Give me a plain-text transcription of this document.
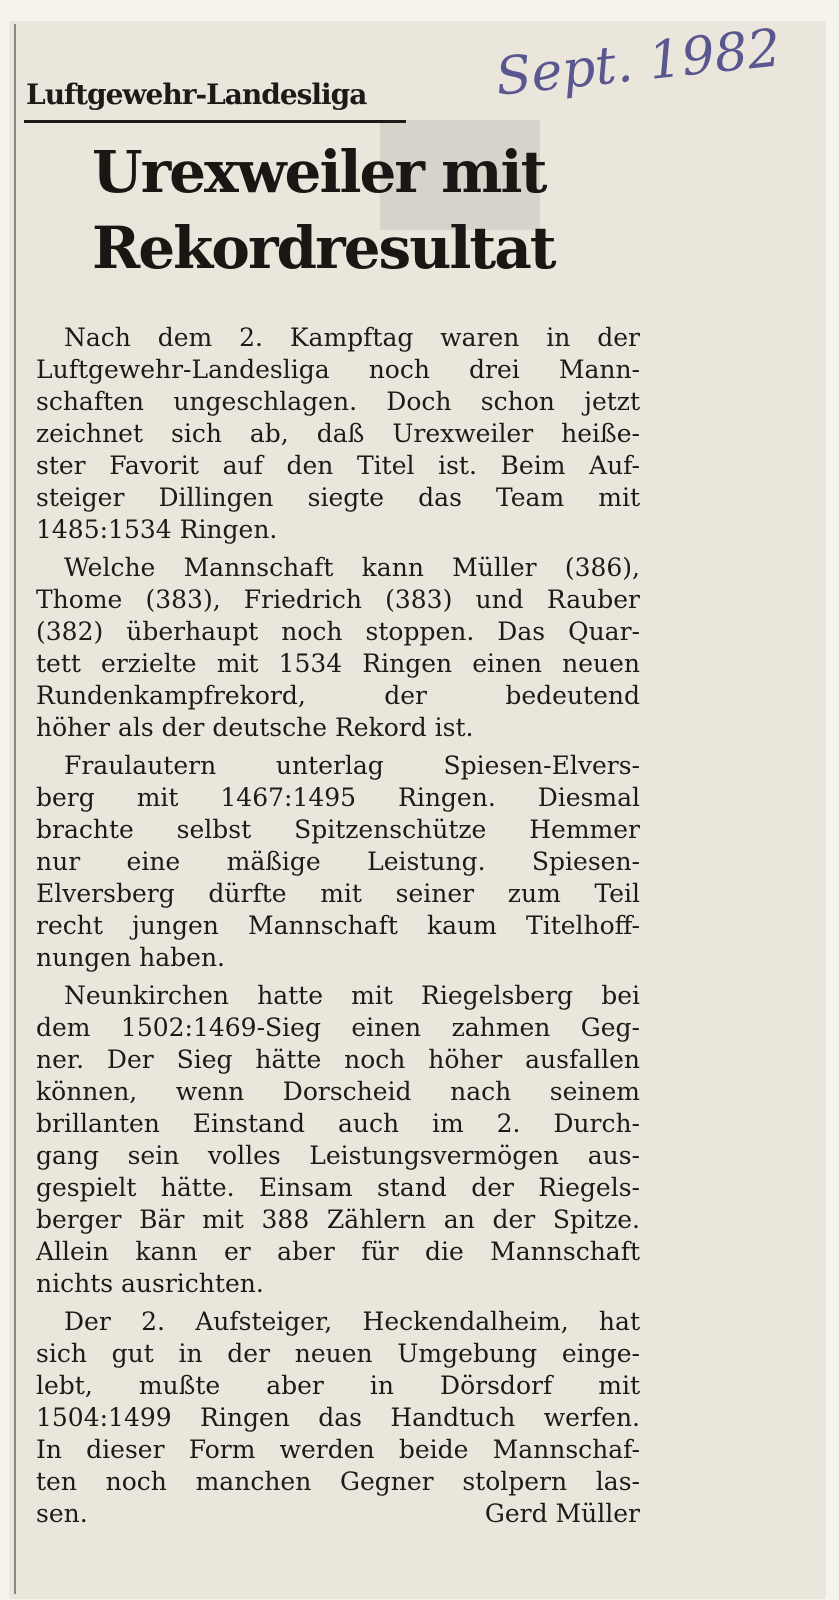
Luftgewehr-Landesliga Sept. 1982
Urexweiler mit
Rekordresultat
Nach dem 2. Kampftag waren in der
Luftgewehr-Landesliga noch drei Mann-
schaften ungeschlagen. Doch schon jetzt
zeichnet sich ab, daß Urexweiler heiße-
ster Favorit auf den Titel ist. Beim Auf-
steiger Dillingen siegte das Team mit
1485:1534 Ringen.
Welche Mannschaft kann Müller (386),
Thome (383), Friedrich (383) und Rauber
(382) überhaupt noch stoppen. Das Quar-
tett erzielte mit 1534 Ringen einen neuen
Rundenkampfrekord, der bedeutend
höher als der deutsche Rekord ist.
Fraulautern unterlag Spiesen-Elvers-
berg mit 1467:1495 Ringen. Diesmal
brachte selbst Spitzenschütze Hemmer
nur eine mäßige Leistung. Spiesen-
Elversberg dürfte mit seiner zum Teil
recht jungen Mannschaft kaum Titelhoff-
nungen haben.
Neunkirchen hatte mit Riegelsberg bei
dem 1502:1469-Sieg einen zahmen Geg-
ner. Der Sieg hätte noch höher ausfallen
können, wenn Dorscheid nach seinem
brillanten Einstand auch im 2. Durch-
gang sein volles Leistungsvermögen aus-
gespielt hätte. Einsam stand der Riegels-
berger Bär mit 388 Zählern an der Spitze.
Allein kann er aber für die Mannschaft
nichts ausrichten.
Der 2. Aufsteiger, Heckendalheim, hat
sich gut in der neuen Umgebung einge-
lebt, mußte aber in Dörsdorf mit
1504:1499 Ringen das Handtuch werfen.
In dieser Form werden beide Mannschaf-
ten noch manchen Gegner stolpern las-
sen.	Gerd Müller
